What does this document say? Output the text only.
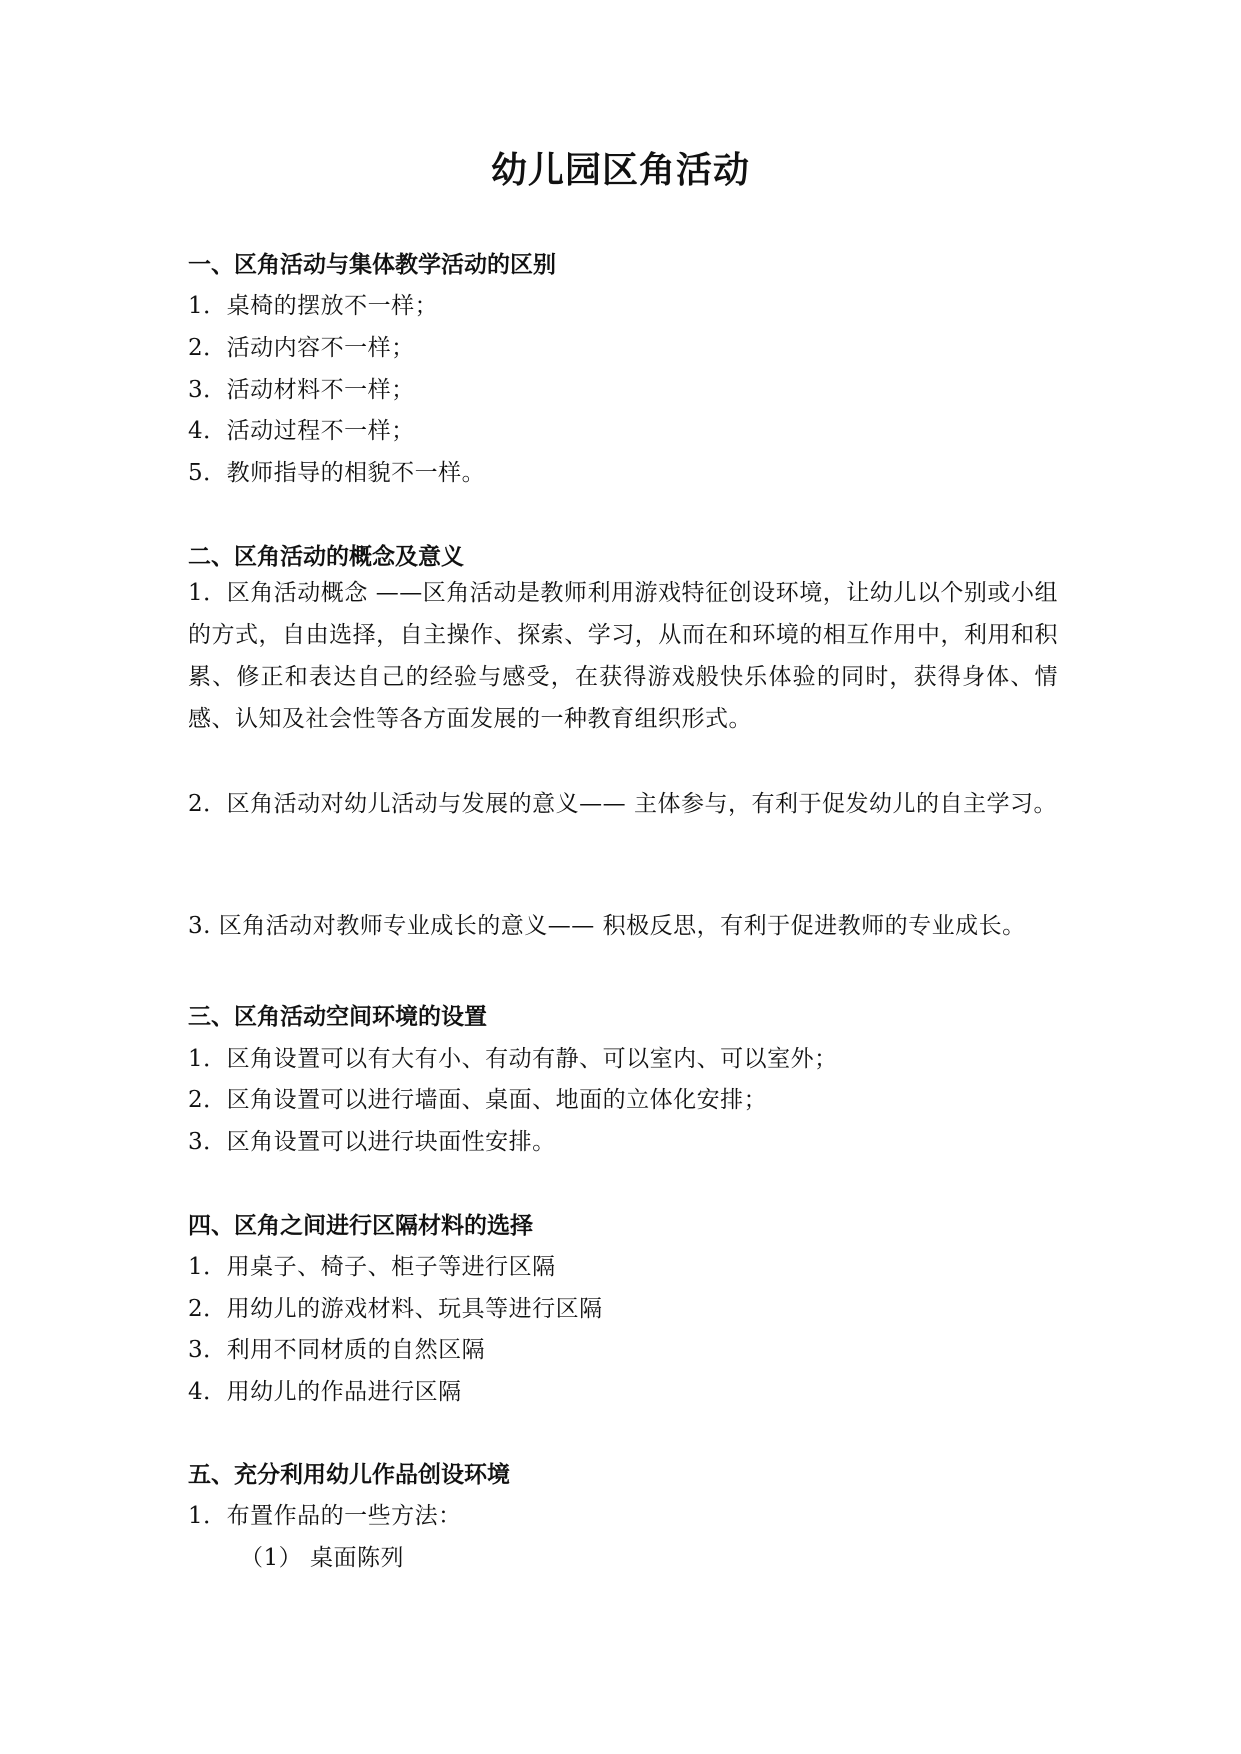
幼儿园区角活动
一、区角活动与集体教学活动的区别
1．桌椅的摆放不一样；
2．活动内容不一样；
3．活动材料不一样；
4．活动过程不一样；
5．教师指导的相貌不一样。
二、区角活动的概念及意义
1．区角活动概念 ——区角活动是教师利用游戏特征创设环境，让幼儿以个别或小组的方式，自由选择，自主操作、探索、学习，从而在和环境的相互作用中，利用和积累、修正和表达自己的经验与感受，在获得游戏般快乐体验的同时，获得身体、情感、认知及社会性等各方面发展的一种教育组织形式。
2．区角活动对幼儿活动与发展的意义—— 主体参与，有利于促发幼儿的自主学习。
3. 区角活动对教师专业成长的意义—— 积极反思，有利于促进教师的专业成长。
三、区角活动空间环境的设置
1．区角设置可以有大有小、有动有静、可以室内、可以室外；
2．区角设置可以进行墙面、桌面、地面的立体化安排；
3．区角设置可以进行块面性安排。
四、区角之间进行区隔材料的选择
1．用桌子、椅子、柜子等进行区隔
2．用幼儿的游戏材料、玩具等进行区隔
3．利用不同材质的自然区隔
4．用幼儿的作品进行区隔
五、充分利用幼儿作品创设环境
1．布置作品的一些方法：
（1） 桌面陈列
